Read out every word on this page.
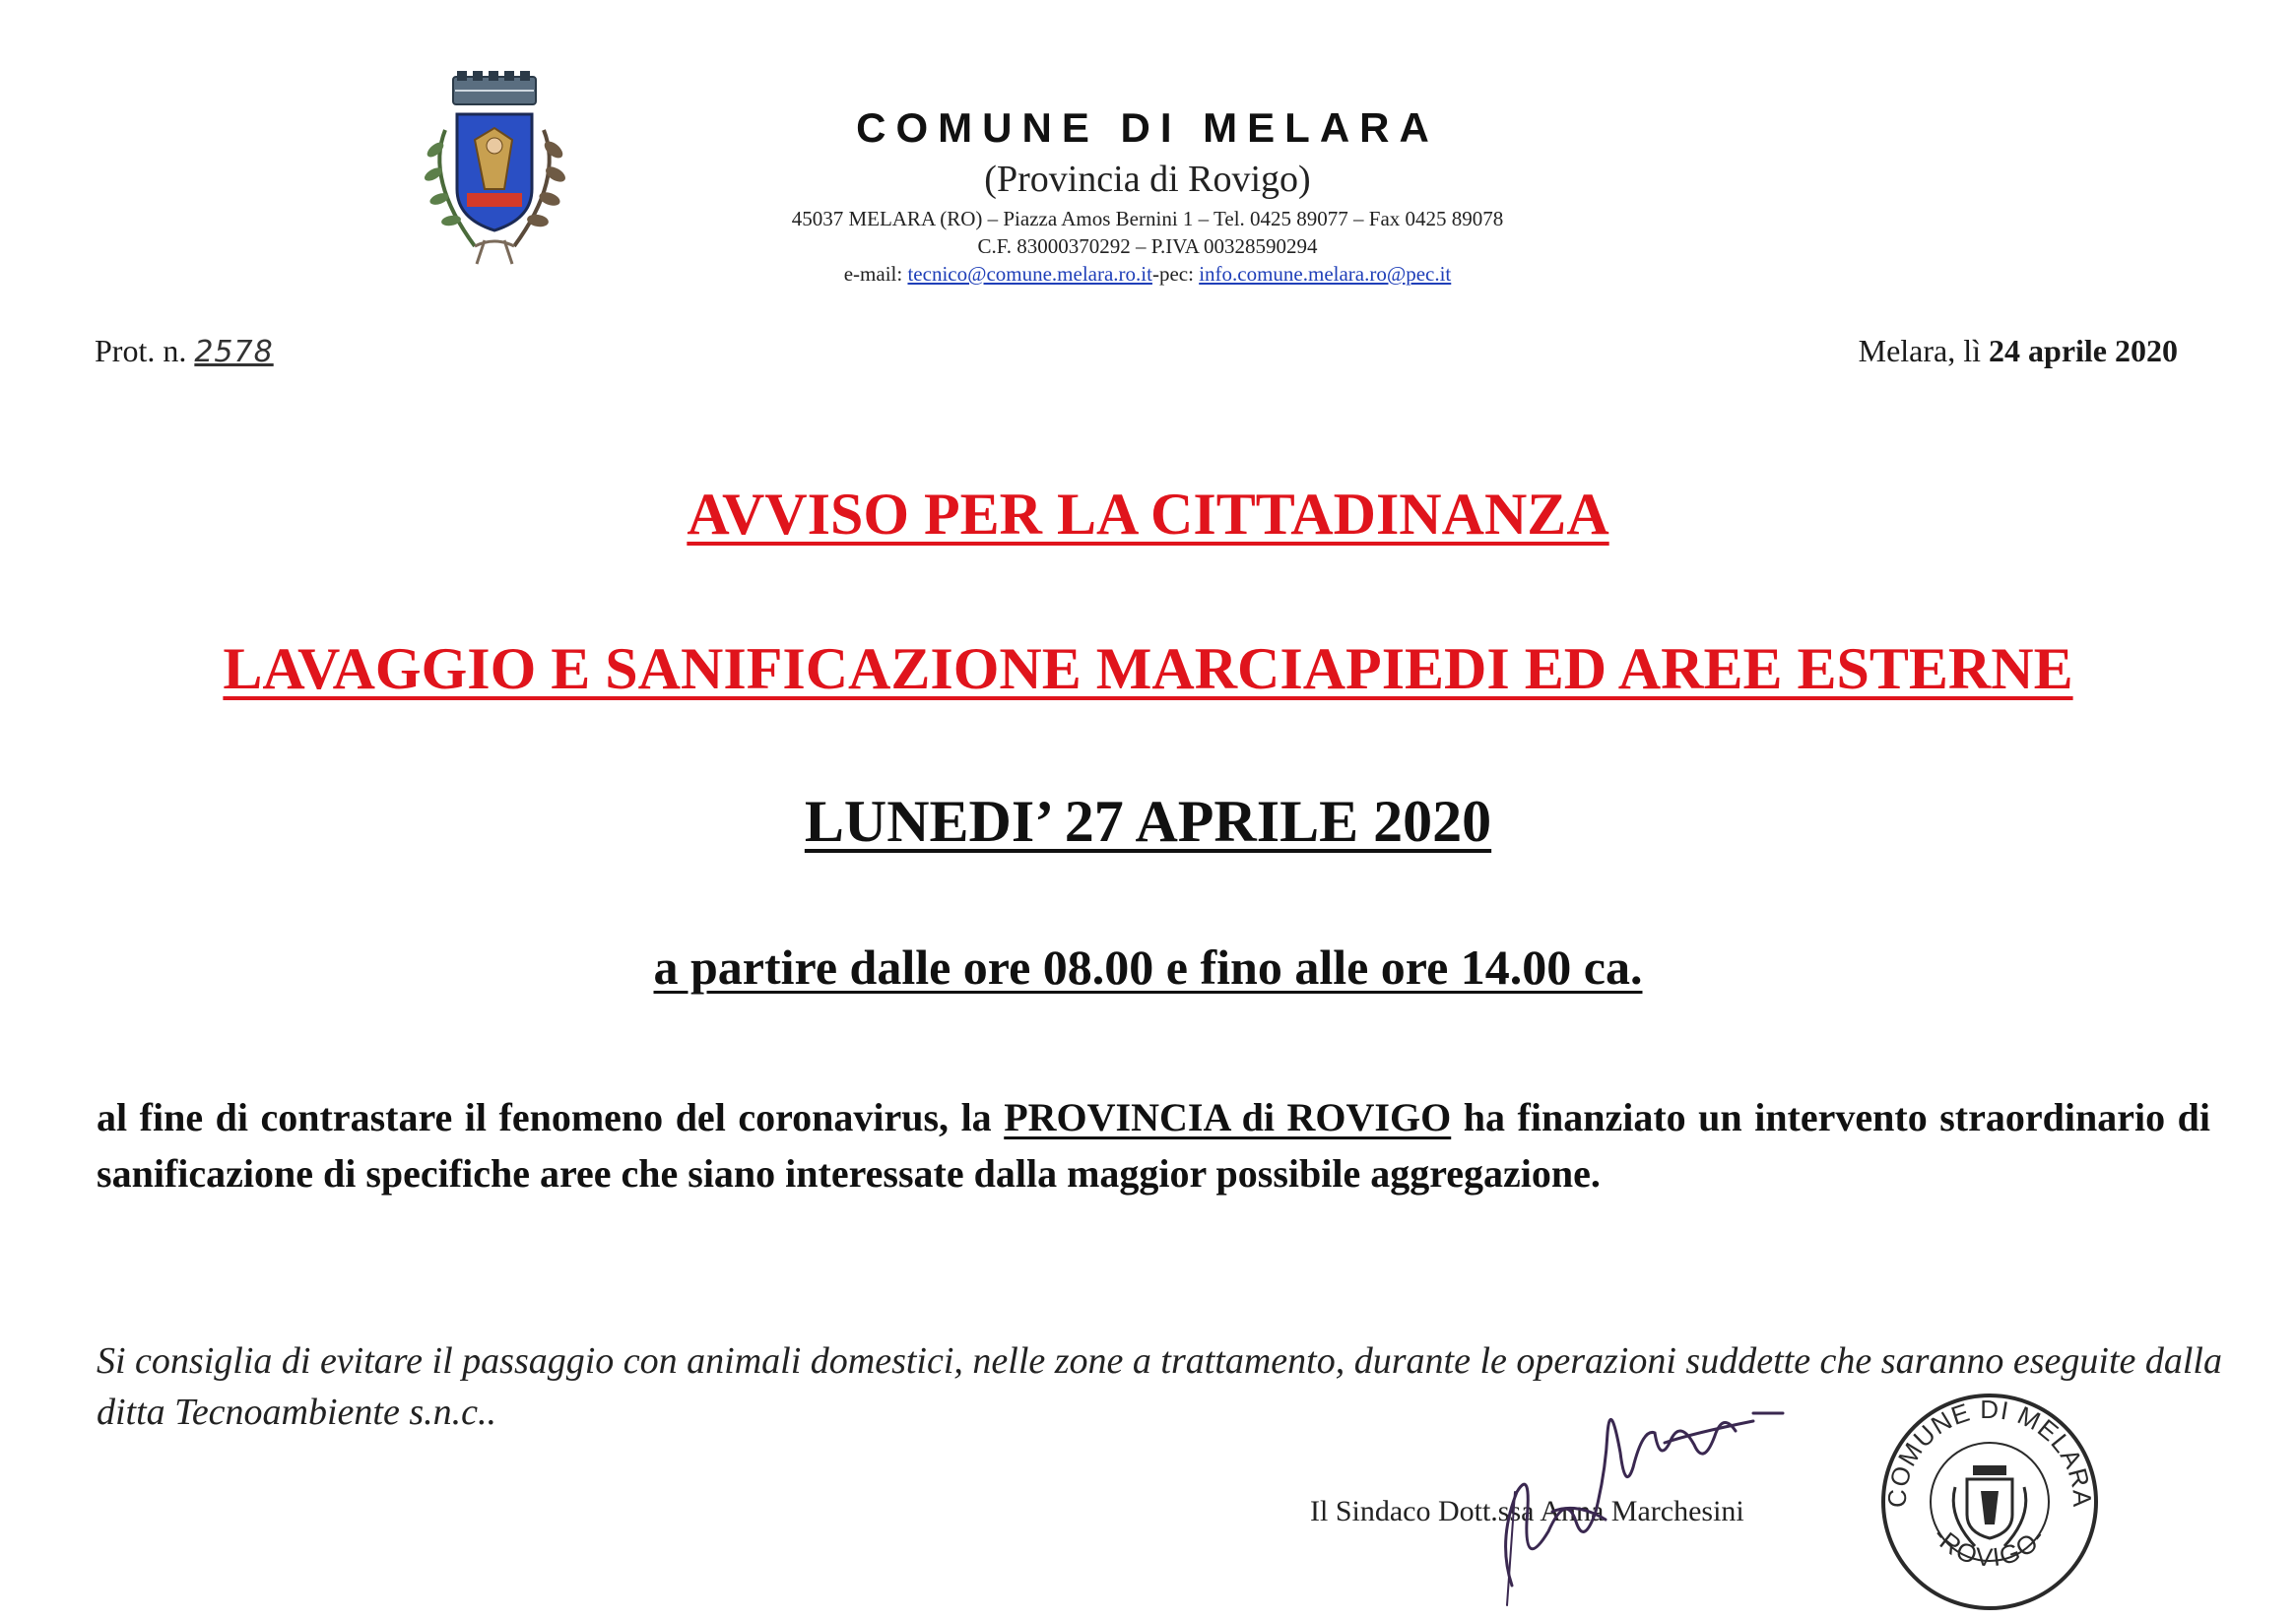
COMUNE DI MELARA
(Provincia di Rovigo)
45037 MELARA (RO) – Piazza Amos Bernini 1 – Tel. 0425 89077 – Fax 0425 89078
C.F. 83000370292 – P.IVA 00328590294
e-mail: tecnico@comune.melara.ro.it-pec: info.comune.melara.ro@pec.it
Prot. n. 2578	Melara, lì 24 aprile 2020
AVVISO PER LA CITTADINANZA
LAVAGGIO E SANIFICAZIONE MARCIAPIEDI ED AREE ESTERNE
LUNEDI’ 27 APRILE 2020
a partire dalle ore 08.00 e fino alle ore 14.00 ca.
al fine di contrastare il fenomeno del coronavirus, la PROVINCIA di ROVIGO ha finanziato un intervento straordinario di sanificazione di specifiche aree che siano interessate dalla maggior possibile aggregazione.
Si consiglia di evitare il passaggio con animali domestici, nelle zone a trattamento, durante le operazioni suddette che saranno eseguite dalla ditta Tecnoambiente s.n.c..
Il Sindaco Dott.ssa Anna Marchesini	COMUNE DI MELARA
-ROVIGO-
